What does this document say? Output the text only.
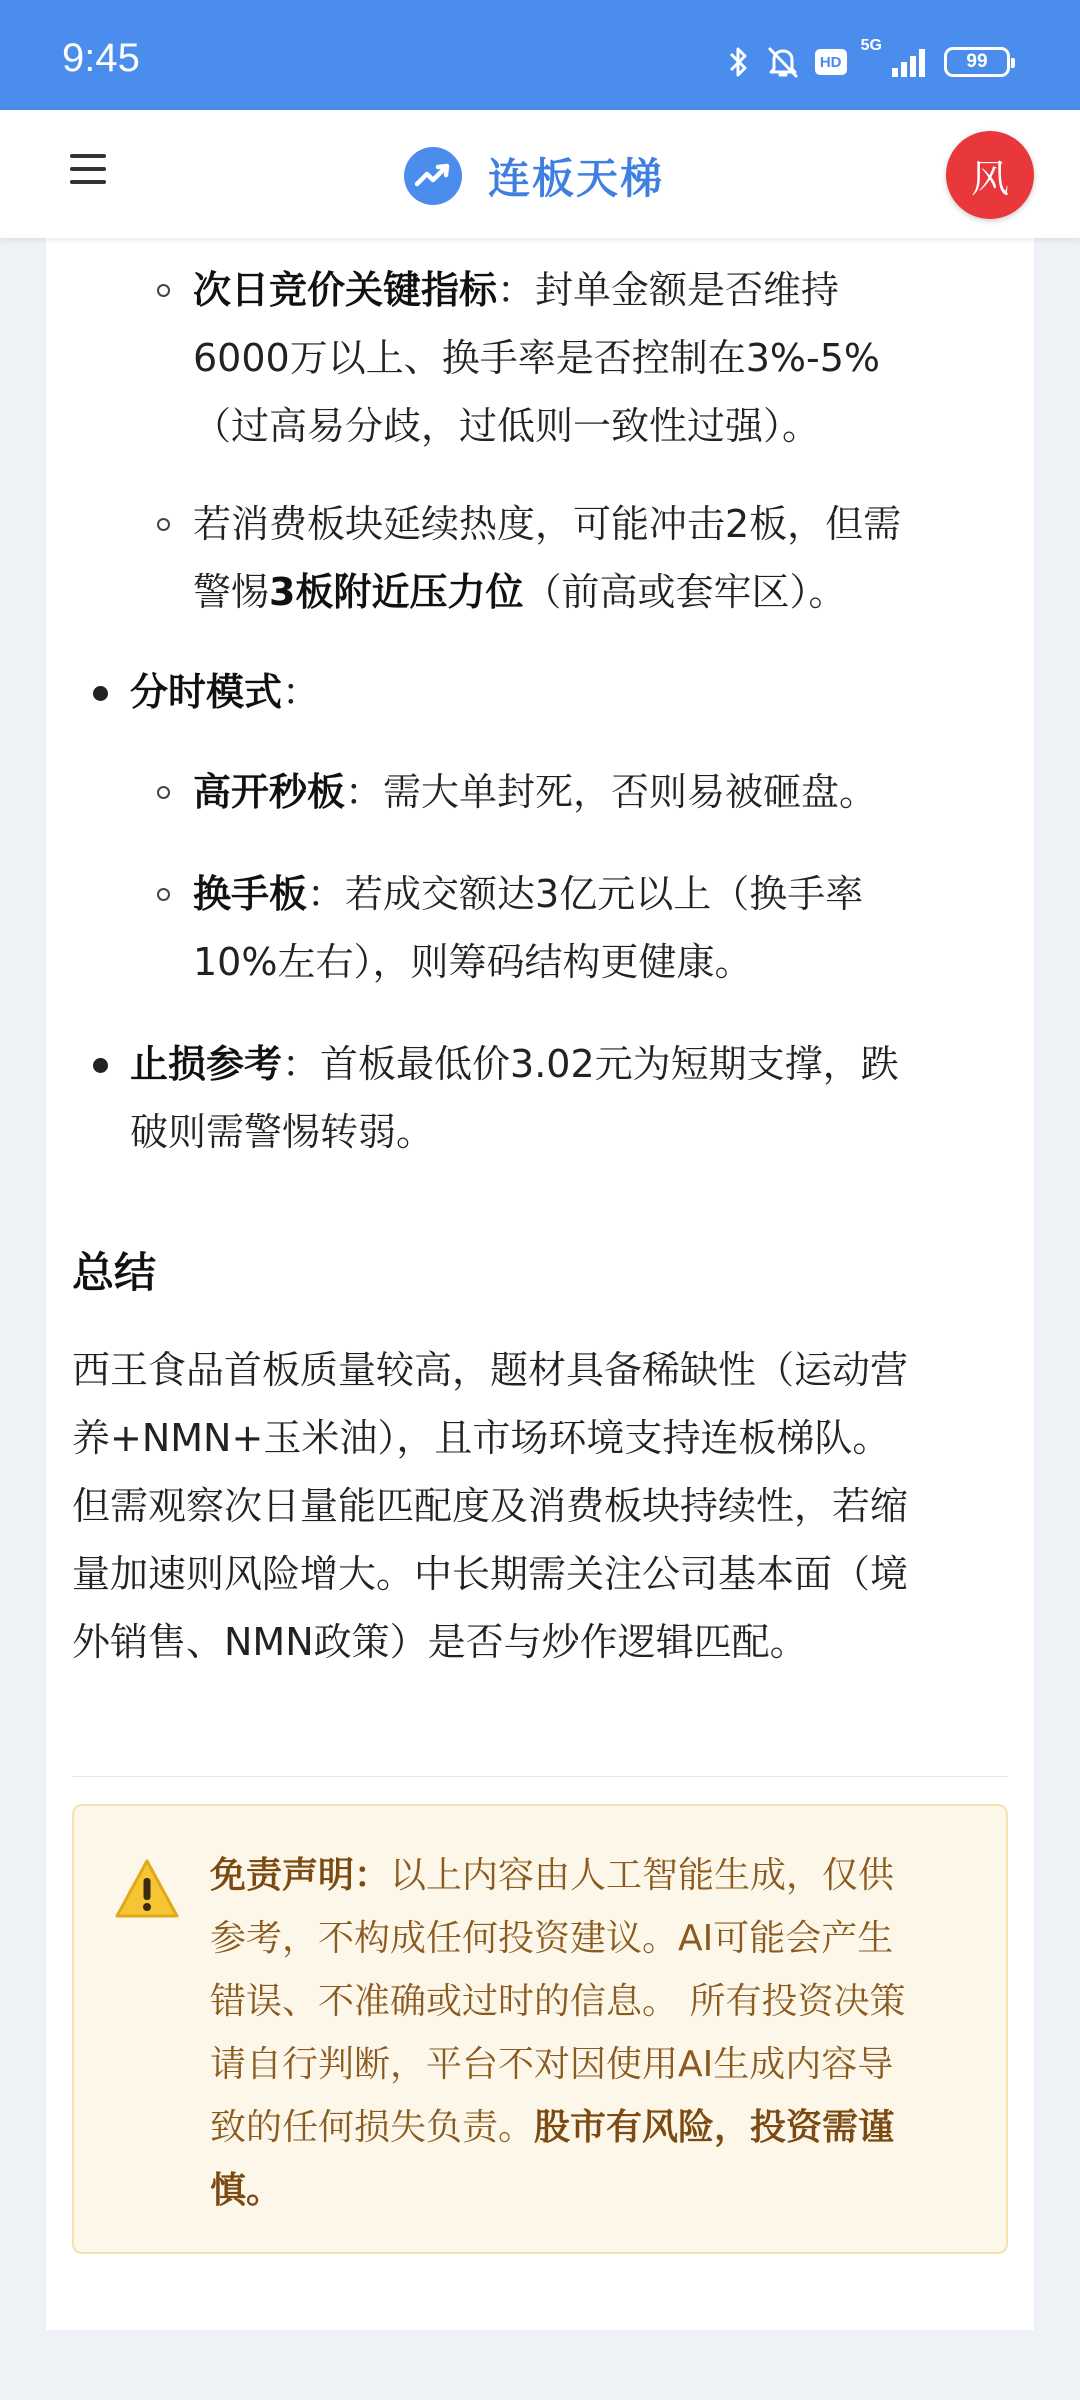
9:45	HD
5G
99
连板天梯	风
次日竞价关键指标：封单金额是否维持
6000万以上、换手率是否控制在3%-5%
（过高易分歧，过低则一致性过强）。
若消费板块延续热度，可能冲击2板，但需
警惕3板附近压力位（前高或套牢区）。
分时模式：
高开秒板：需大单封死，否则易被砸盘。
换手板：若成交额达3亿元以上（换手率
10%左右），则筹码结构更健康。
止损参考：首板最低价3.02元为短期支撑，跌
破则需警惕转弱。
总结
西王食品首板质量较高，题材具备稀缺性（运动营
养+NMN+玉米油），且市场环境支持连板梯队。
但需观察次日量能匹配度及消费板块持续性，若缩
量加速则风险增大。中长期需关注公司基本面（境
外销售、NMN政策）是否与炒作逻辑匹配。
免责声明：以上内容由人工智能生成，仅供
参考，不构成任何投资建议。AI可能会产生
错误、不准确或过时的信息。 所有投资决策
请自行判断，平台不对因使用AI生成内容导
致的任何损失负责。股市有风险，投资需谨
慎。
